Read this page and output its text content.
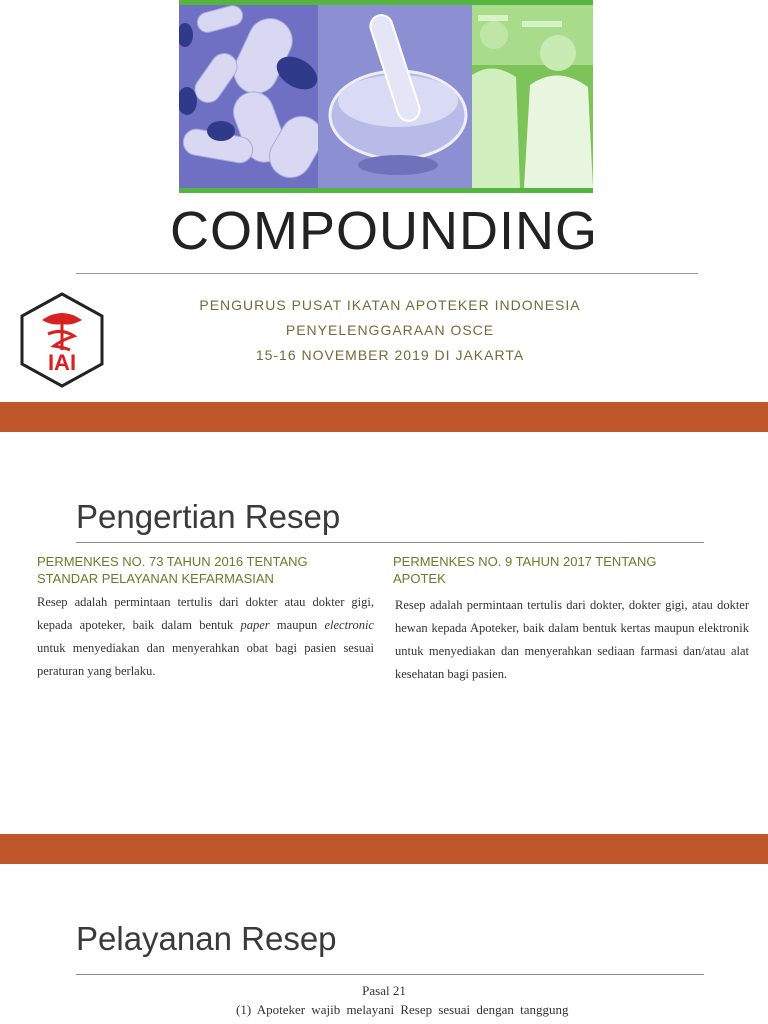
COMPOUNDING
IAI
PENGURUS PUSAT IKATAN APOTEKER INDONESIA
PENYELENGGARAAN OSCE
15-16 NOVEMBER 2019 DI JAKARTA
Pengertian Resep
PERMENKES NO. 73 TAHUN 2016 TENTANG STANDAR PELAYANAN KEFARMASIAN
Resep adalah permintaan tertulis dari dokter atau dokter gigi, kepada apoteker, baik dalam bentuk paper maupun electronic untuk menyediakan dan menyerahkan obat bagi pasien sesuai peraturan yang berlaku.
PERMENKES NO. 9 TAHUN 2017 TENTANG APOTEK
Resep adalah permintaan tertulis dari dokter, dokter gigi, atau dokter hewan kepada Apoteker, baik dalam bentuk kertas maupun elektronik untuk menyediakan dan menyerahkan sediaan farmasi dan/atau alat kesehatan bagi pasien.
Pelayanan Resep
Pasal 21
(1) Apoteker wajib melayani Resep sesuai dengan tanggung
